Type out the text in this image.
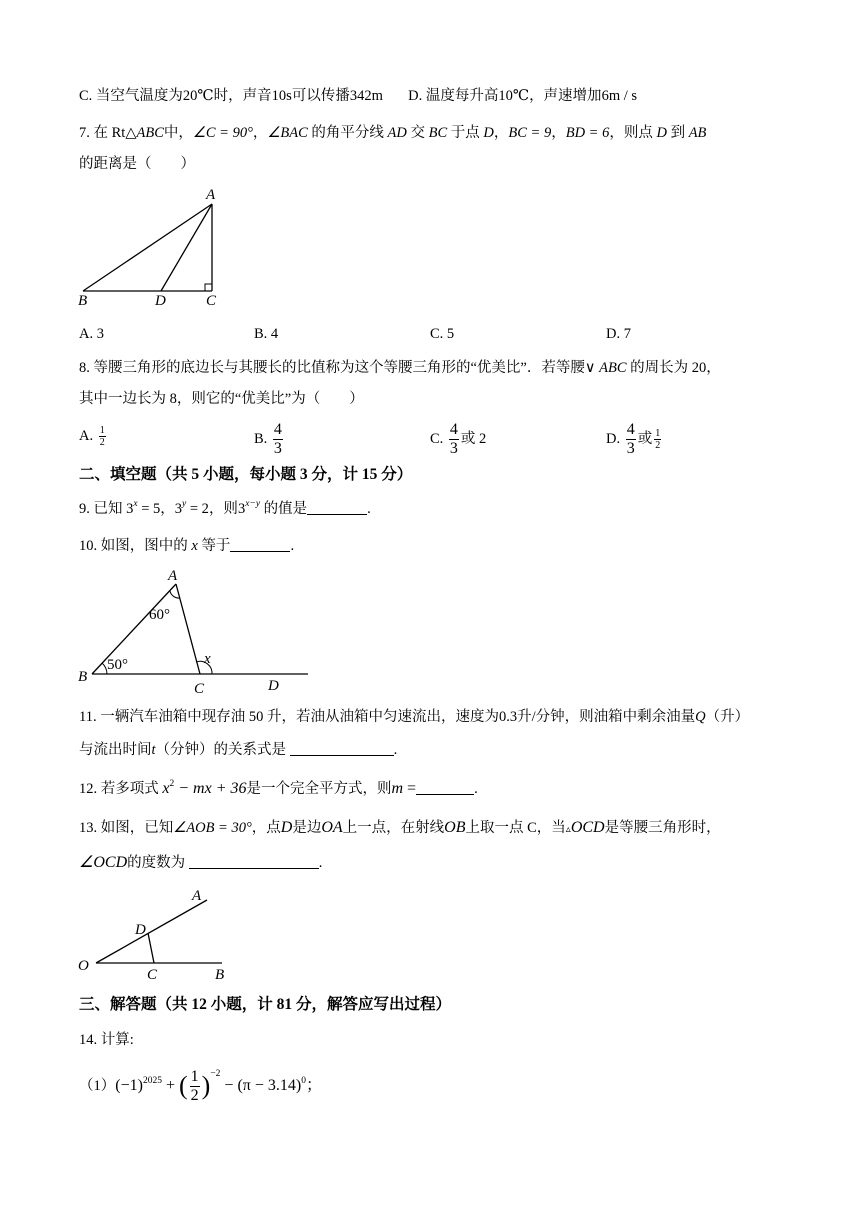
C. 当空气温度为20℃时，声音10s可以传播342m D. 温度每升高10℃，声速增加6m / s
7. 在 Rt△ABC中，∠C = 90°，∠BAC 的角平分线 AD 交 BC 于点 D，BC = 9，BD = 6，则点 D 到 AB
的距离是（　　）
A
B	D	C
A. 3	B. 4	C. 5	D. 7
8. 等腰三角形的底边长与其腰长的比值称为这个等腰三角形的“优美比”．若等腰∨ ABC 的周长为 20，
其中一边长为 8，则它的“优美比”为（　　）
A. $\frac{1}{2}$	B. $\frac{4}{3}$	C. $\frac{4}{3}$ 或 2	D. $\frac{4}{3}$ 或 $\frac{1}{2}$
二、填空题（共 5 小题，每小题 3 分，计 15 分）
9. 已知 $3^x = 5$，$3^y = 2$，则$3^{x-y}$ 的值是	.
10. 如图，图中的 x 等于	.
A
60°
50°	x
B
C	D
11. 一辆汽车油箱中现存油 50 升，若油从油箱中匀速流出，速度为0.3升/分钟，则油箱中剩余油量Q（升）
与流出时间t（分钟）的关系式是	.
12. 若多项式 $x^2$ − mx + 36是一个完全平方式，则m =	.
13. 如图，已知∠AOB = 30°，点D是边OA上一点，在射线OB上取一点 C，当▵OCD是等腰三角形时，
∠OCD的度数为	.
A
D
O
C	B
三、解答题（共 12 小题，计 81 分，解答应写出过程）
14. 计算:
$(1)(-1)^{2025}$ + ( $\frac{1}{2} )^{-2} - (\pi - 3.14)^0$；
